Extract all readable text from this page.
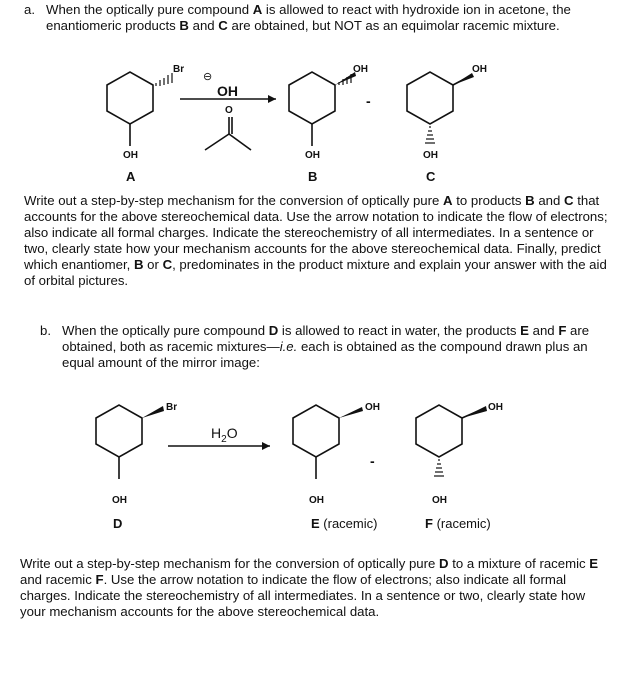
a. When the optically pure compound A is allowed to react with hydroxide ion in acetone, the enantiomeric products B and C are obtained, but NOT as an equimolar racemic mixture.
Br
⊖
OH
O
OH	OH
OH	OH	OH
A	B	C
-
Br
$H_2O$
OH	OH
OH	OH	OH
D	E (racemic)	F (racemic)
-
Write out a step-by-step mechanism for the conversion of optically pure A to products B and C that accounts for the above stereochemical data. Use the arrow notation to indicate the flow of electrons; also indicate all formal charges. Indicate the stereochemistry of all intermediates. In a sentence or two, clearly state how your mechanism accounts for the above stereochemical data. Finally, predict which enantiomer, B or C, predominates in the product mixture and explain your answer with the aid of orbital pictures.
b. When the optically pure compound D is allowed to react in water, the products E and F are obtained, both as racemic mixtures—i.e. each is obtained as the compound drawn plus an equal amount of the mirror image:
Write out a step-by-step mechanism for the conversion of optically pure D to a mixture of racemic E and racemic F. Use the arrow notation to indicate the flow of electrons; also indicate all formal charges. Indicate the stereochemistry of all intermediates. In a sentence or two, clearly state how your mechanism accounts for the above stereochemical data.
